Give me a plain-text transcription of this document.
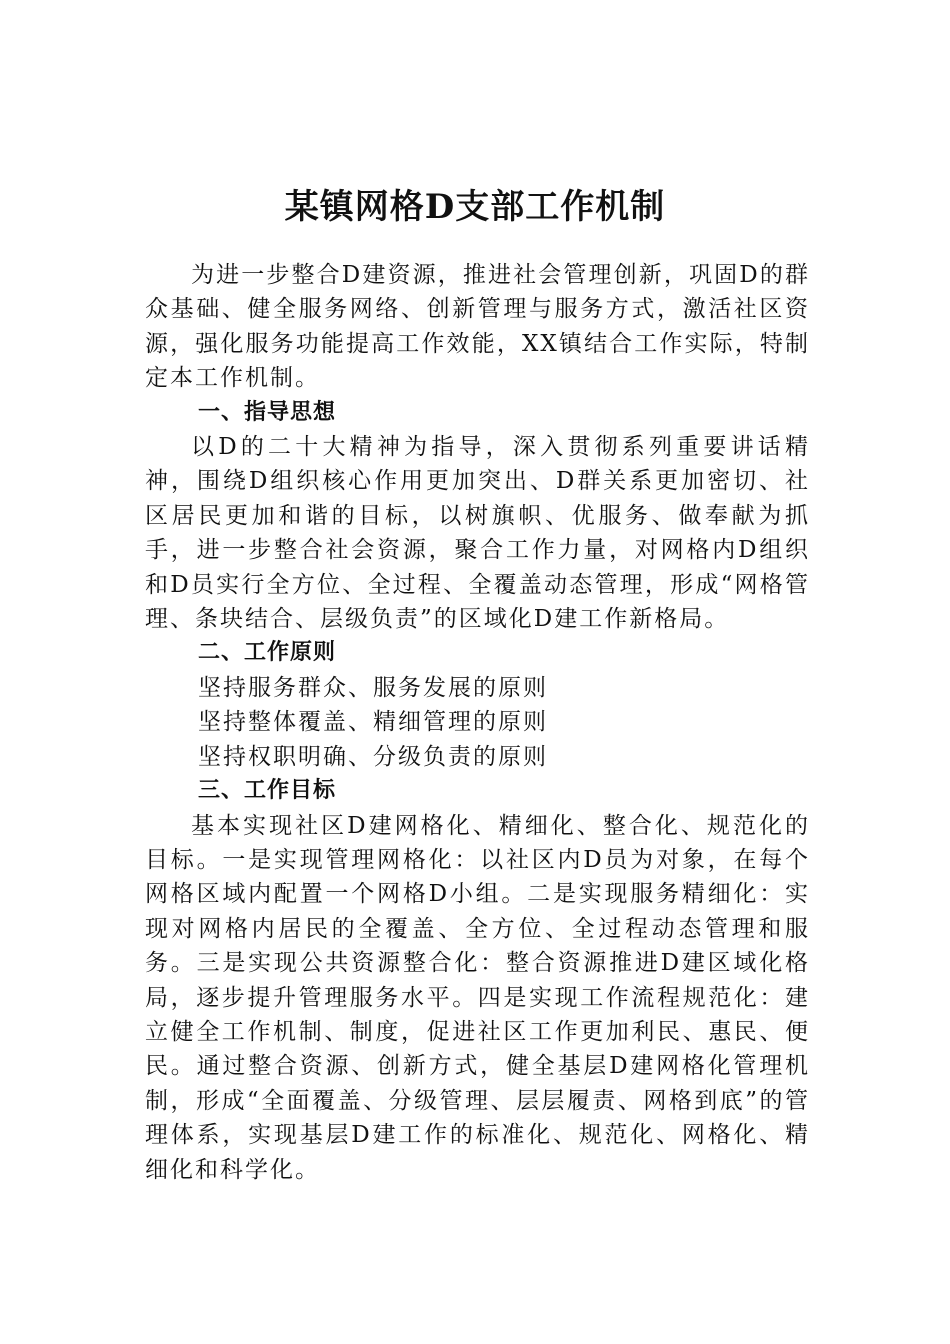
某镇网格D支部工作机制

为进一步整合D建资源，推进社会管理创新，巩固D的群众基础、健全服务网络、创新管理与服务方式，激活社区资源，强化服务功能提高工作效能，XX镇结合工作实际，特制定本工作机制。

一、指导思想

以D的二十大精神为指导，深入贯彻系列重要讲话精神，围绕D组织核心作用更加突出、D群关系更加密切、社区居民更加和谐的目标，以树旗帜、优服务、做奉献为抓手，进一步整合社会资源，聚合工作力量，对网格内D组织和D员实行全方位、全过程、全覆盖动态管理，形成“网格管理、条块结合、层级负责”的区域化D建工作新格局。

二、工作原则

坚持服务群众、服务发展的原则

坚持整体覆盖、精细管理的原则

坚持权职明确、分级负责的原则

三、工作目标

基本实现社区D建网格化、精细化、整合化、规范化的目标。一是实现管理网格化：以社区内D员为对象，在每个网格区域内配置一个网格D小组。二是实现服务精细化：实现对网格内居民的全覆盖、全方位、全过程动态管理和服务。三是实现公共资源整合化：整合资源推进D建区域化格局，逐步提升管理服务水平。四是实现工作流程规范化：建立健全工作机制、制度，促进社区工作更加利民、惠民、便民。通过整合资源、创新方式，健全基层D建网格化管理机制，形成“全面覆盖、分级管理、层层履责、网格到底”的管理体系，实现基层D建工作的标准化、规范化、网格化、精细化和科学化。
